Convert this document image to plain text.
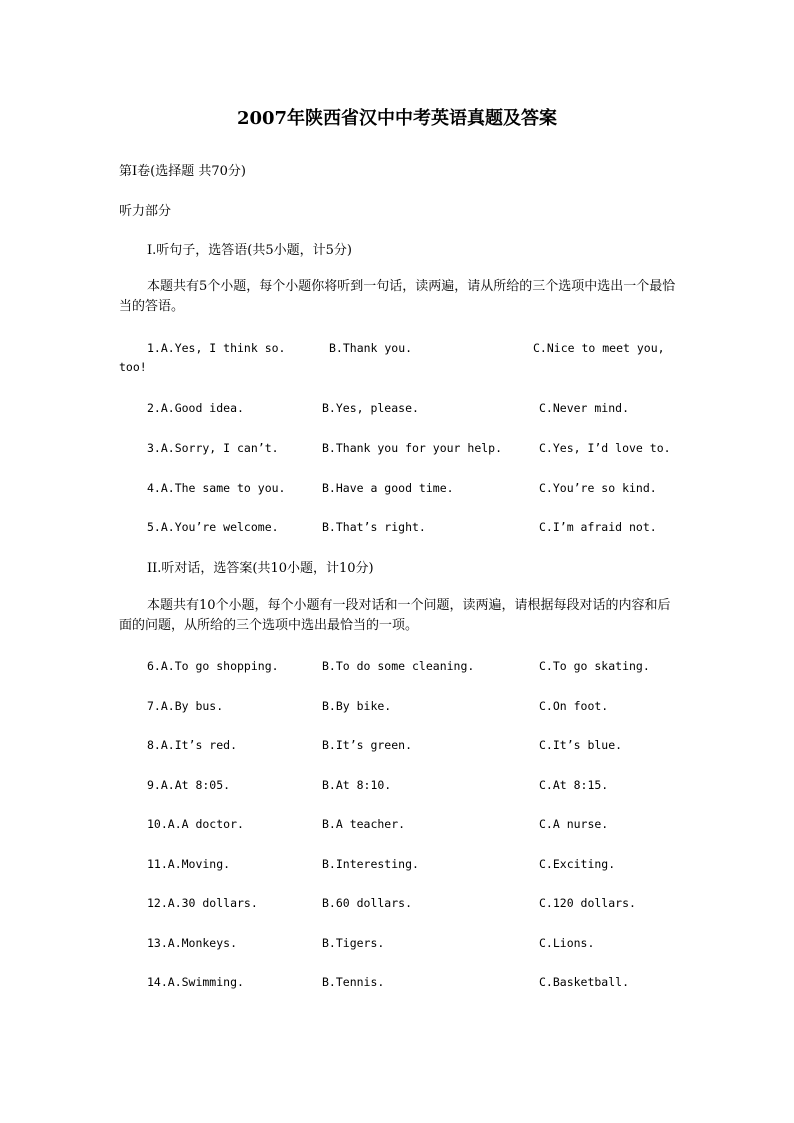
2007年陕西省汉中中考英语真题及答案
第Ⅰ卷(选择题 共70分)
听力部分
I.听句子，选答语(共5小题，计5分)
本题共有5个小题，每个小题你将听到一句话，读两遍，请从所给的三个选项中选出一个最恰当的答语。
1.A.Yes, I think so.	B.Thank you.	C.Nice to meet you,
too!
2.A.Good idea.	B.Yes, please.	C.Never mind.
3.A.Sorry, I can’t.	B.Thank you for your help.	C.Yes, I’d love to.
4.A.The same to you.	B.Have a good time.	C.You’re so kind.
5.A.You’re welcome.	B.That’s right.	C.I’m afraid not.
II.听对话，选答案(共10小题，计10分)
本题共有10个小题，每个小题有一段对话和一个问题，读两遍，请根据每段对话的内容和后面的问题，从所给的三个选项中选出最恰当的一项。
6.A.To go shopping.	B.To do some cleaning.	C.To go skating.
7.A.By bus.	B.By bike.	C.On foot.
8.A.It’s red.	B.It’s green.	C.It’s blue.
9.A.At 8:05.	B.At 8:10.	C.At 8:15.
10.A.A doctor.	B.A teacher.	C.A nurse.
11.A.Moving.	B.Interesting.	C.Exciting.
12.A.30 dollars.	B.60 dollars.	C.120 dollars.
13.A.Monkeys.	B.Tigers.	C.Lions.
14.A.Swimming.	B.Tennis.	C.Basketball.
